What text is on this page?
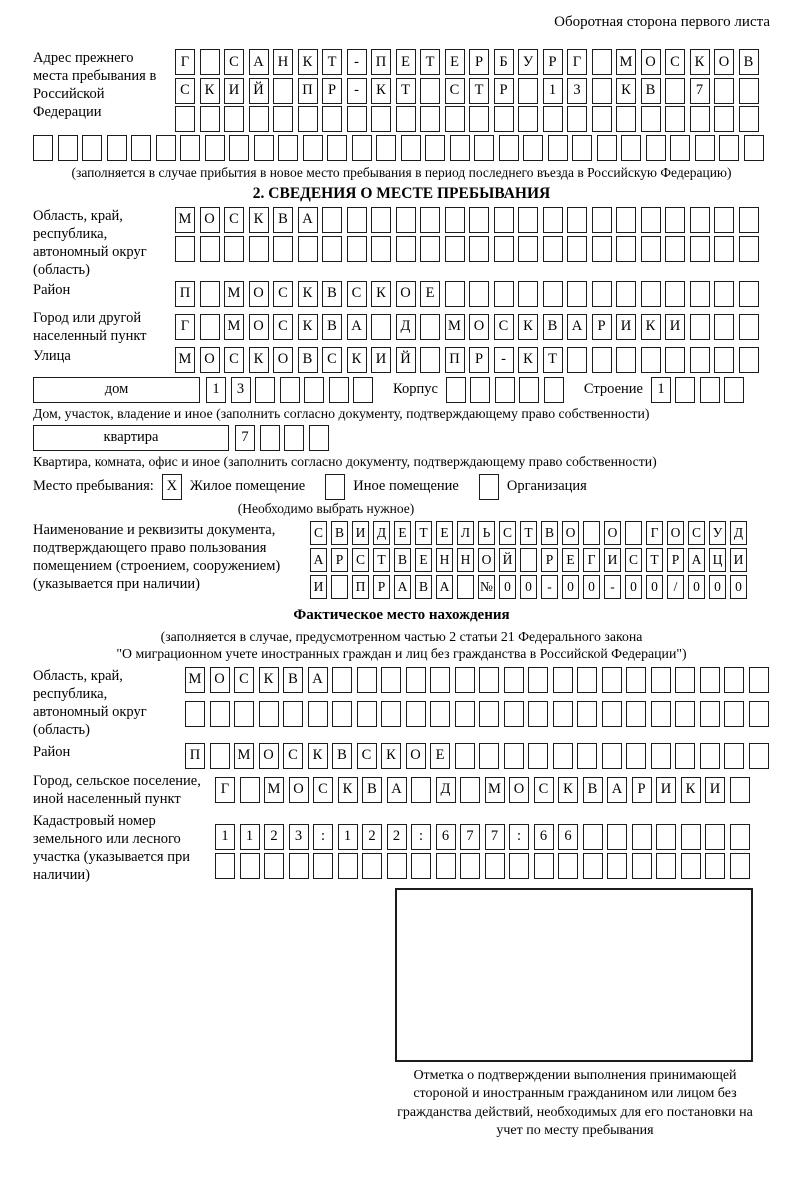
Оборотная сторона первого листа
Адрес прежнего места пребывания в Российской Федерации
Г	С А Н К	Т	-	П	Е	Т	Е	Р	Б	У	Р	Г	М О С	К О В
С	К И Й	П	Р	-	К	Т	С	Т	Р	1	3	К	В	7
(заполняется в случае прибытия в новое место пребывания в период последнего въезда в Российскую Федерацию)
2. СВЕДЕНИЯ О МЕСТЕ ПРЕБЫВАНИЯ
Область, край, республика, автономный округ (область)
М О С	К	В А
Район	П	М О С	К	В	С	К О	Е
Город или другой населенный пункт
Г	М О С	К	В А	Д	М О С	К	В А	Р	И К И
Улица	М О С	К О В	С	К И Й	П	Р	-	К	Т
дом	1	3	Корпус	Строение 1
Дом, участок, владение и иное (заполнить согласно документу, подтверждающему право собственности)
квартира	7
Квартира, комната, офис и иное (заполнить согласно документу, подтверждающему право собственности)
Место пребывания: X Жилое помещение	Иное помещение	Организация
(Необходимо выбрать нужное)
Наименование и реквизиты документа, подтверждающего право пользования помещением (строением, сооружением) (указывается при наличии)
С В И Д Е Т Е Л Ь С Т В О О	Г О С У Д
А Р С Т В Е Н Н О Й	Р Е Г И С Т Р А Ц И
И П Р А В А № 0	0	-	0	0	-	0	0	/	0	0	0
Фактическое место нахождения
(заполняется в случае, предусмотренном частью 2 статьи 21 Федерального закона
"О миграционном учете иностранных граждан и лиц без гражданства в Российской Федерации")
Область, край, республика, автономный округ (область)
М О С	К	В А
Район	П	М О С	К	В	С	К О	Е
Город, сельское поселение, иной населенный пункт
Г	М О С	К	В А	Д	М О С	К	В А	Р	И К И
Кадастровый номер земельного или лесного участка (указывается при наличии)
1	1	2	3	:	1	2	2	:	6	7	7	:	6	6
Отметка о подтверждении выполнения принимающей стороной и иностранным гражданином или лицом без гражданства действий, необходимых для его постановки на учет по месту пребывания
